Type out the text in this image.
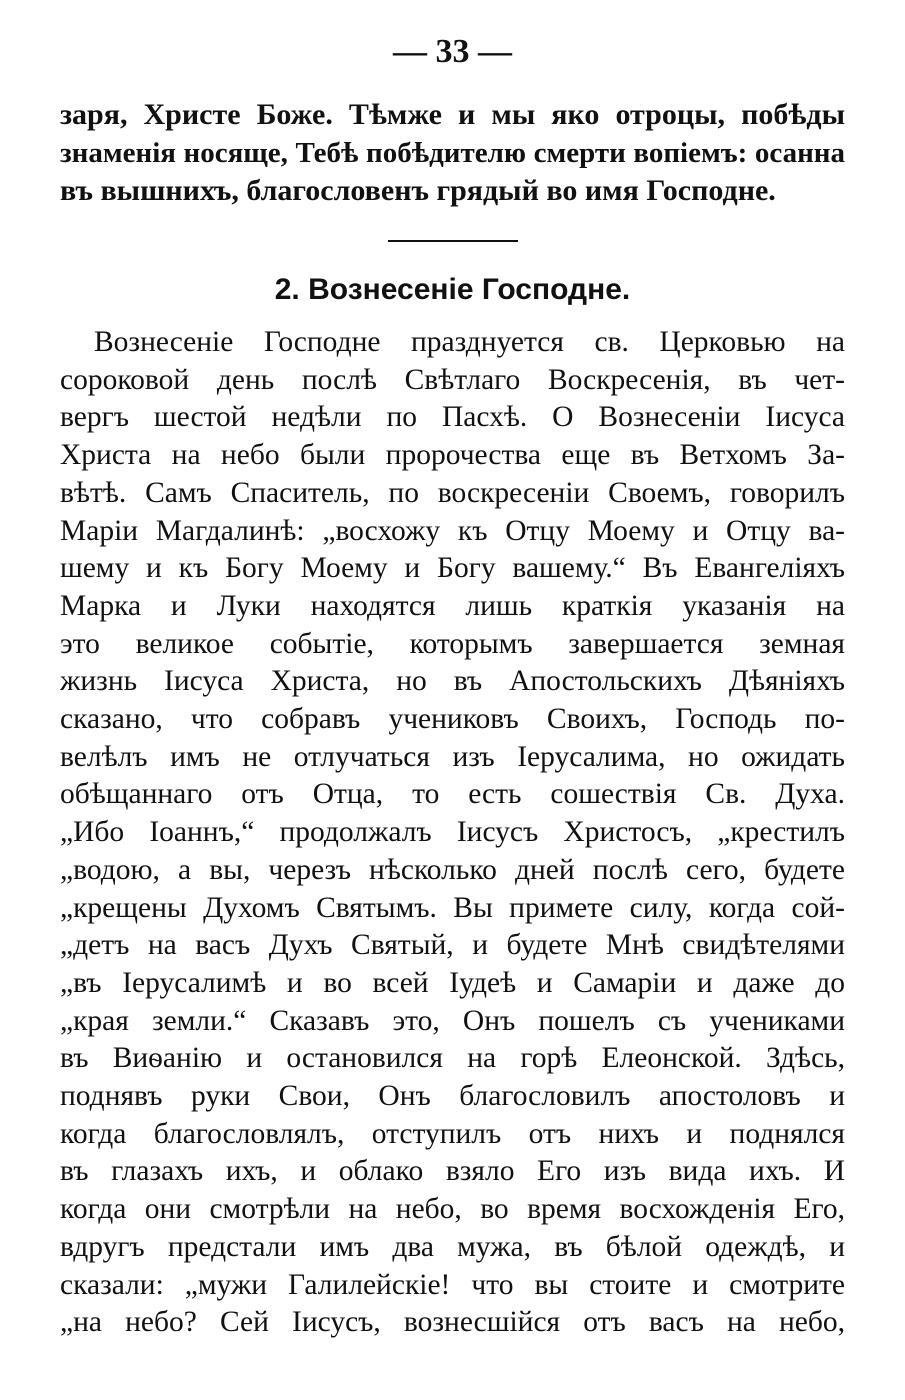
— 33 —
заря, Христе Боже. Тѣмже и мы яко отроцы, побѣды
знаменія носяще, Тебѣ побѣдителю смерти вопіемъ: осанна
въ вышнихъ, благословенъ грядый во имя Господне.
2. Вознесеніе Господне.
Вознесеніе Господне празднуется св. Церковью на
сороковой день послѣ Свѣтлаго Воскресенія, въ чет-
вергъ шестой недѣли по Пасхѣ. О Вознесеніи Іисуса
Христа на небо были пророчества еще въ Ветхомъ За-
вѣтѣ. Самъ Спаситель, по воскресеніи Своемъ, говорилъ
Маріи Магдалинѣ: „восхожу къ Отцу Моему и Отцу ва-
шему и къ Богу Моему и Богу вашему.“ Въ Евангеліяхъ
Марка и Луки находятся лишь краткія указанія на
это великое событіе, которымъ завершается земная
жизнь Іисуса Христа, но въ Апостольскихъ Дѣяніяхъ
сказано, что собравъ учениковъ Своихъ, Господь по-
велѣлъ имъ не отлучаться изъ Іерусалима, но ожидать
обѣщаннаго отъ Отца, то есть сошествія Св. Духа.
„Ибо Іоаннъ,“ продолжалъ Іисусъ Христосъ, „крестилъ
„водою, а вы, черезъ нѣсколько дней послѣ сего, будете
„крещены Духомъ Святымъ. Вы примете силу, когда сой-
„детъ на васъ Духъ Святый, и будете Мнѣ свидѣтелями
„въ Іерусалимѣ и во всей Іудеѣ и Самаріи и даже до
„края земли.“ Сказавъ это, Онъ пошелъ съ учениками
въ Виѳанію и остановился на горѣ Елеонской. Здѣсь,
поднявъ руки Свои, Онъ благословилъ апостоловъ и
когда благословлялъ, отступилъ отъ нихъ и поднялся
въ глазахъ ихъ, и облако взяло Его изъ вида ихъ. И
когда они смотрѣли на небо, во время восхожденія Его,
вдругъ предстали имъ два мужа, въ бѣлой одеждѣ, и
сказали: „мужи Галилейскіе! что вы стоите и смотрите
„на небо? Сей Іисусъ, вознесшійся отъ васъ на небо,
